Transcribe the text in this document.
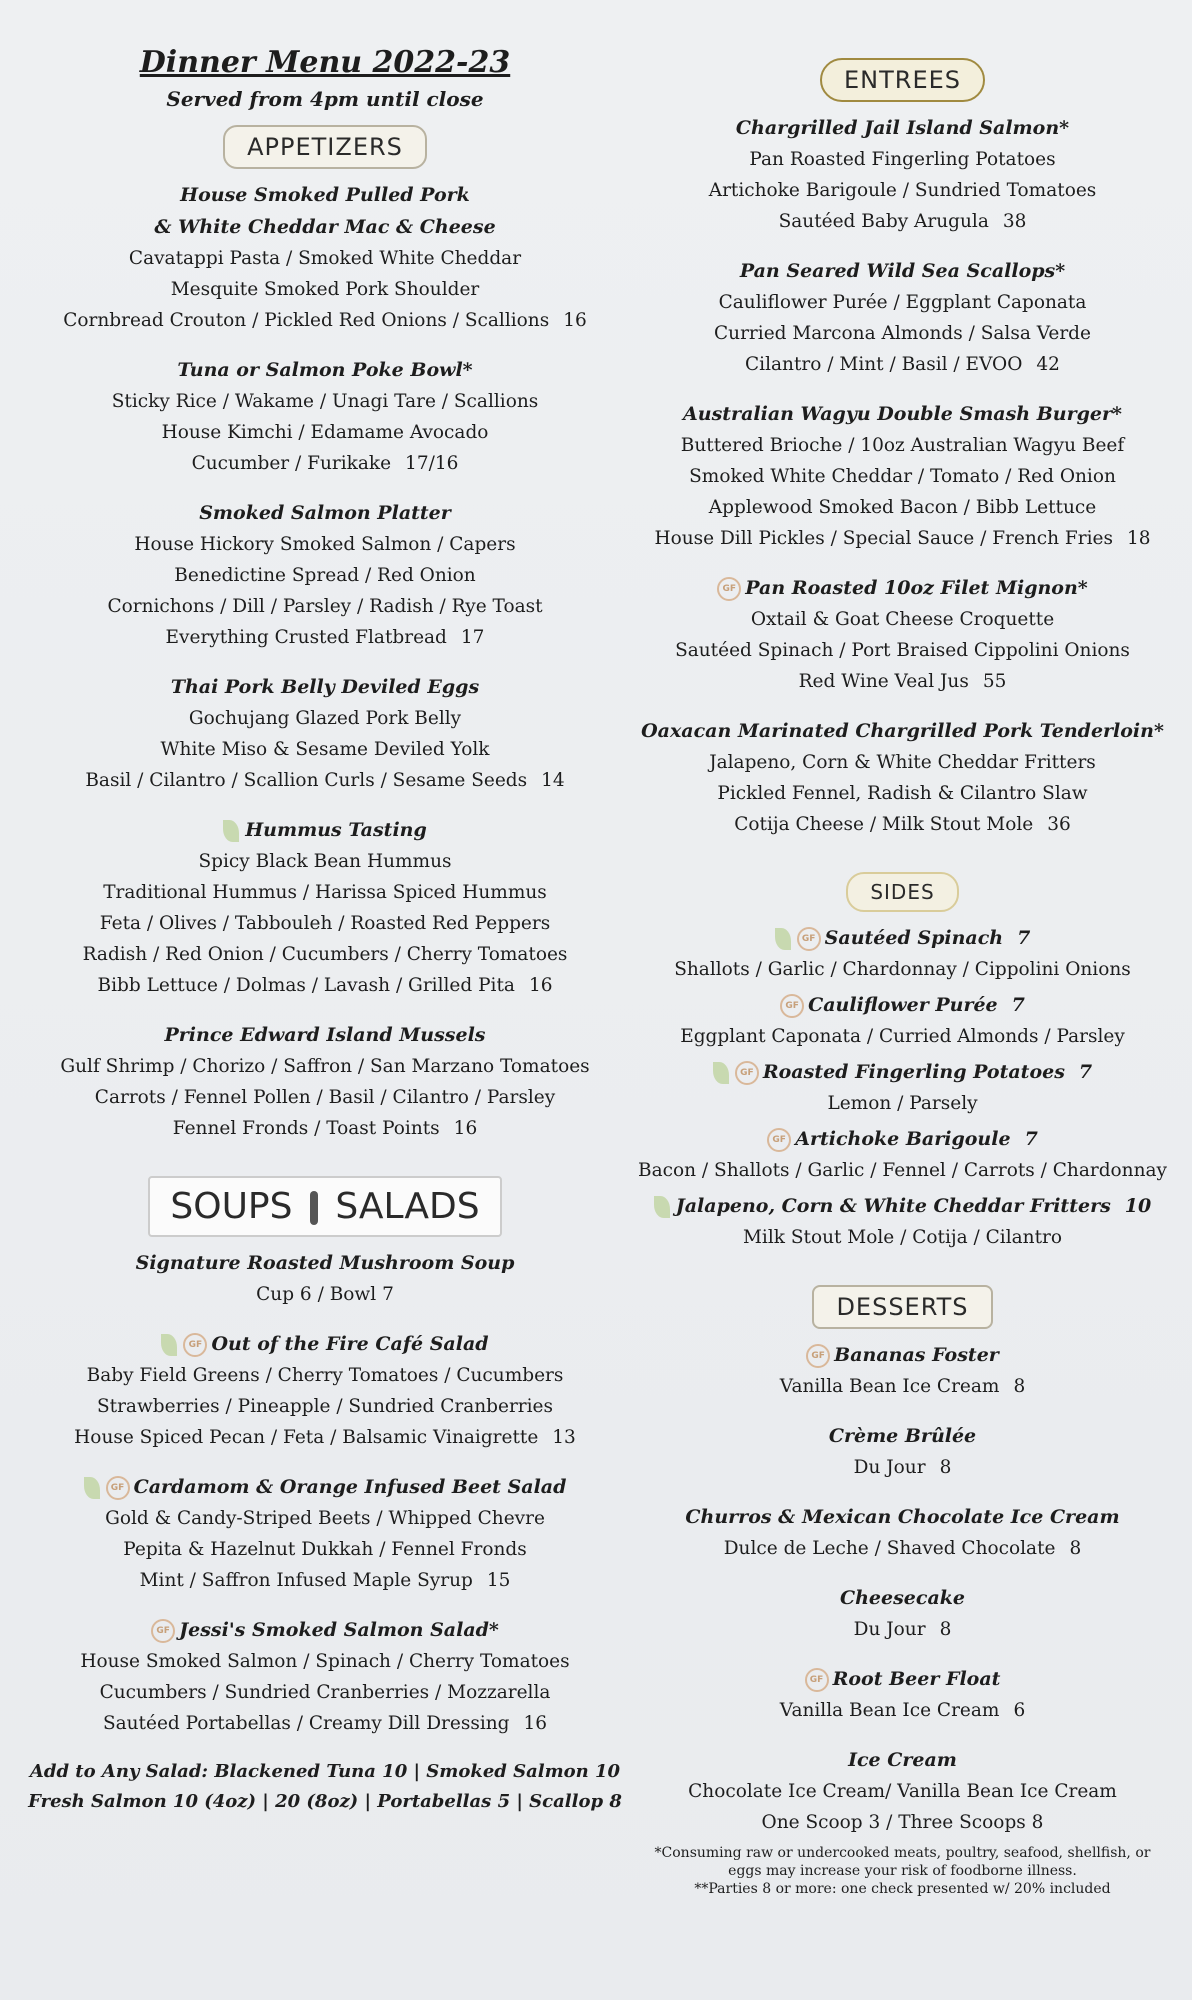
Dinner Menu 2022-23
Served from 4pm until close
APPETIZERS
House Smoked Pulled Pork
& White Cheddar Mac & Cheese
Cavatappi Pasta / Smoked White Cheddar
Mesquite Smoked Pork Shoulder
Cornbread Crouton / Pickled Red Onions / Scallions 16
Tuna or Salmon Poke Bowl*
Sticky Rice / Wakame / Unagi Tare / Scallions
House Kimchi / Edamame Avocado
Cucumber / Furikake 17/16
Smoked Salmon Platter
House Hickory Smoked Salmon / Capers
Benedictine Spread / Red Onion
Cornichons / Dill / Parsley / Radish / Rye Toast
Everything Crusted Flatbread 17
Thai Pork Belly Deviled Eggs
Gochujang Glazed Pork Belly
White Miso & Sesame Deviled Yolk
Basil / Cilantro / Scallion Curls / Sesame Seeds 14
Hummus Tasting
Spicy Black Bean Hummus
Traditional Hummus / Harissa Spiced Hummus
Feta / Olives / Tabbouleh / Roasted Red Peppers
Radish / Red Onion / Cucumbers / Cherry Tomatoes
Bibb Lettuce / Dolmas / Lavash / Grilled Pita 16
Prince Edward Island Mussels
Gulf Shrimp / Chorizo / Saffron / San Marzano Tomatoes
Carrots / Fennel Pollen / Basil / Cilantro / Parsley
Fennel Fronds / Toast Points 16
SOUPS SALADS
Signature Roasted Mushroom Soup
Cup 6 / Bowl 7
GF Out of the Fire Café Salad
Baby Field Greens / Cherry Tomatoes / Cucumbers
Strawberries / Pineapple / Sundried Cranberries
House Spiced Pecan / Feta / Balsamic Vinaigrette 13
GF Cardamom & Orange Infused Beet Salad
Gold & Candy-Striped Beets / Whipped Chevre
Pepita & Hazelnut Dukkah / Fennel Fronds
Mint / Saffron Infused Maple Syrup 15
GF Jessi's Smoked Salmon Salad*
House Smoked Salmon / Spinach / Cherry Tomatoes
Cucumbers / Sundried Cranberries / Mozzarella
Sautéed Portabellas / Creamy Dill Dressing 16
Add to Any Salad: Blackened Tuna 10 | Smoked Salmon 10
Fresh Salmon 10 (4oz) | 20 (8oz) | Portabellas 5 | Scallop 8
ENTREES
Chargrilled Jail Island Salmon*
Pan Roasted Fingerling Potatoes
Artichoke Barigoule / Sundried Tomatoes
Sautéed Baby Arugula 38
Pan Seared Wild Sea Scallops*
Cauliflower Purée / Eggplant Caponata
Curried Marcona Almonds / Salsa Verde
Cilantro / Mint / Basil / EVOO 42
Australian Wagyu Double Smash Burger*
Buttered Brioche / 10oz Australian Wagyu Beef
Smoked White Cheddar / Tomato / Red Onion
Applewood Smoked Bacon / Bibb Lettuce
House Dill Pickles / Special Sauce / French Fries 18
GF Pan Roasted 10oz Filet Mignon*
Oxtail & Goat Cheese Croquette
Sautéed Spinach / Port Braised Cippolini Onions
Red Wine Veal Jus 55
Oaxacan Marinated Chargrilled Pork Tenderloin*
Jalapeno, Corn & White Cheddar Fritters
Pickled Fennel, Radish & Cilantro Slaw
Cotija Cheese / Milk Stout Mole 36
SIDES
GF Sautéed Spinach 7
Shallots / Garlic / Chardonnay / Cippolini Onions
GF Cauliflower Purée 7
Eggplant Caponata / Curried Almonds / Parsley
GF Roasted Fingerling Potatoes 7
Lemon / Parsely
GF Artichoke Barigoule 7
Bacon / Shallots / Garlic / Fennel / Carrots / Chardonnay
Jalapeno, Corn & White Cheddar Fritters 10
Milk Stout Mole / Cotija / Cilantro
DESSERTS
GF Bananas Foster
Vanilla Bean Ice Cream 8
Crème Brûlée
Du Jour 8
Churros & Mexican Chocolate Ice Cream
Dulce de Leche / Shaved Chocolate 8
Cheesecake
Du Jour 8
GF Root Beer Float
Vanilla Bean Ice Cream 6
Ice Cream
Chocolate Ice Cream/ Vanilla Bean Ice Cream
One Scoop 3 / Three Scoops 8
*Consuming raw or undercooked meats, poultry, seafood, shellfish, or
eggs may increase your risk of foodborne illness.
**Parties 8 or more: one check presented w/ 20% included
